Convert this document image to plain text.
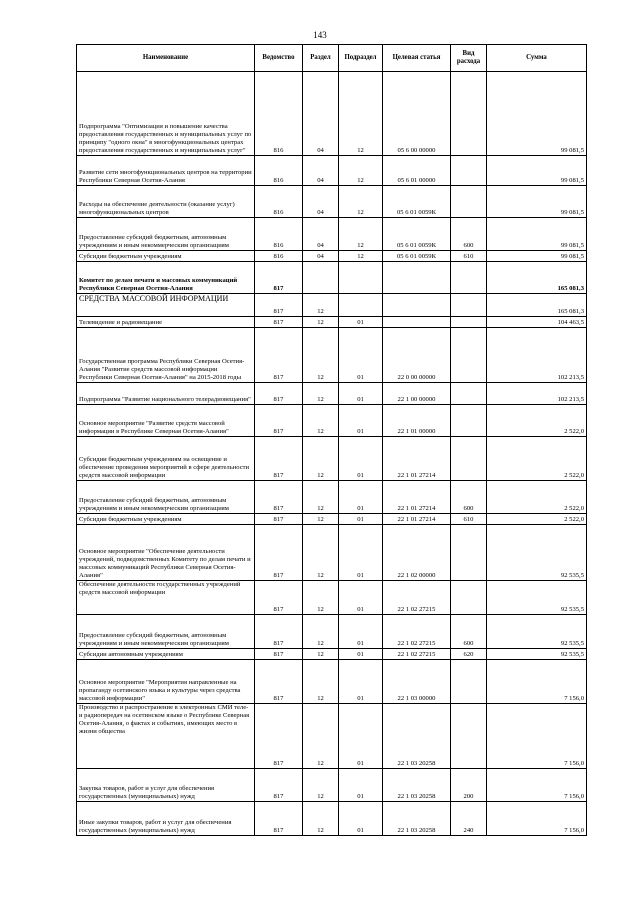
143
Наименование	Ведомство	Раздел	Подраздел	Целевая статья	Вид расхода	Сумма
Подпрограмма "Оптимизация и повышение качества предоставления государственных и муниципальных услуг по принципу "одного окна" в многофункциональных центрах предоставления государственных и муниципальных услуг"	816	04	12	05 6 00 00000		99 081,5
Развитие сети многофункциональных центров на территории Республики Северная Осетия-Алания	816	04	12	05 6 01 00000		99 081,5
Расходы на обеспечение деятельности (оказание услуг) многофункциональных центров	816	04	12	05 6 01 0059К		99 081,5
Предоставление субсидий бюджетным, автономным учреждениям и иным некоммерческим организациям	816	04	12	05 6 01 0059К	600	99 081,5
Субсидии бюджетным учреждениям	816	04	12	05 6 01 0059К	610	99 081,5
Комитет по делам печати и массовых коммуникаций Республики Северная Осетия-Алания	817					165 081,3
СРЕДСТВА МАССОВОЙ ИНФОРМАЦИИ	817	12				165 081,3
Телевидение и радиовещание	817	12	01			104 463,5
Государственная программа Республики Северная Осетия-Алания "Развитие средств массовой информации Республики Северная Осетия-Алания" на 2015-2018 годы	817	12	01	22 0 00 00000		102 213,5
Подпрограмма "Развитие национального телерадиовещания"	817	12	01	22 1 00 00000		102 213,5
Основное мероприятие "Развитие средств массовой информации в Республике Северная Осетия-Алания"	817	12	01	22 1 01 00000		2 522,0
Субсидии бюджетным учреждениям на освещение и обеспечение проведения мероприятий в сфере деятельности средств массовой информации	817	12	01	22 1 01 27214		2 522,0
Предоставление субсидий бюджетным, автономным учреждениям и иным некоммерческим организациям	817	12	01	22 1 01 27214	600	2 522,0
Субсидии бюджетным учреждениям	817	12	01	22 1 01 27214	610	2 522,0
Основное мероприятие "Обеспечение деятельности учреждений, подведомственных Комитету по делам печати и массовых коммуникаций Республики Северная Осетия-Алания"	817	12	01	22 1 02 00000		92 535,5
Обеспечение деятельности государственных учреждений средств массовой информации	817	12	01	22 1 02 27215		92 535,5
Предоставление субсидий бюджетным, автономным учреждениям и иным некоммерческим организациям	817	12	01	22 1 02 27215	600	92 535,5
Субсидии автономным учреждениям	817	12	01	22 1 02 27215	620	92 535,5
Основное мероприятие "Мероприятия направленные на пропаганду осетинского языка и культуры через средства массовой информации"	817	12	01	22 1 03 00000		7 156,0
Производство и распространение в электронных СМИ теле- и радиопередач на осетинском языке о Республике Северная Осетия-Алания, о фактах и событиях, имеющих место в жизни общества	817	12	01	22 1 03 20258		7 156,0
Закупка товаров, работ и услуг для обеспечения государственных (муниципальных) нужд	817	12	01	22 1 03 20258	200	7 156,0
Иные закупки товаров, работ и услуг для обеспечения государственных (муниципальных) нужд	817	12	01	22 1 03 20258	240	7 156,0
